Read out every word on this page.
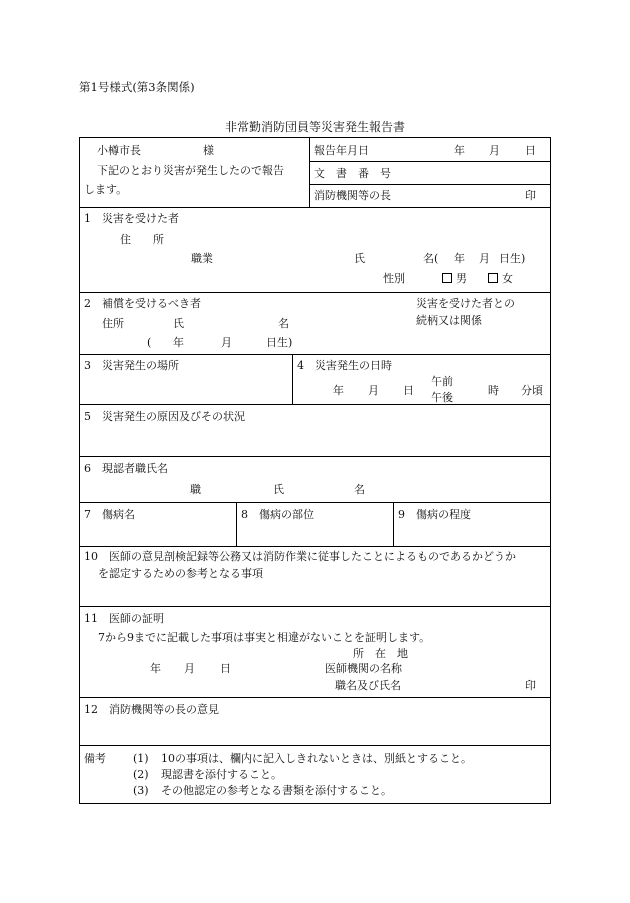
第1号様式(第3条関係)
非常勤消防団員等災害発生報告書
小樽市長	様
下記のとおり災害が発生したので報告
します。
報告年月日	年 月 日
文　書　番　号
消防機関等の長	印
1　災害を受けた者
住　　所
職業	氏	名( 年 月 日生)
性別	男	女
2　補償を受けるべき者
住所	氏	名
( 年	月	日生)
災害を受けた者との
続柄又は関係
3　災害発生の場所	4　災害発生の日時
年 月 日
午前
午後
時 分頃
5　災害発生の原因及びその状況
6　現認者職氏名
職	氏	名
7　傷病名	8　傷病の部位	9　傷病の程度
10　医師の意見剖検記録等公務又は消防作業に従事したことによるものであるかどうか
を認定するための参考となる事項
11　医師の証明
7から9までに記載した事項は事実と相違がないことを証明します。
所　在　地
年 月 日	医師機関の名称
職名及び氏名	印
12　消防機関等の長の意見
備考 (1) 10の事項は、欄内に記入しきれないときは、別紙とすること。
(2) 現認書を添付すること。
(3) その他認定の参考となる書類を添付すること。
